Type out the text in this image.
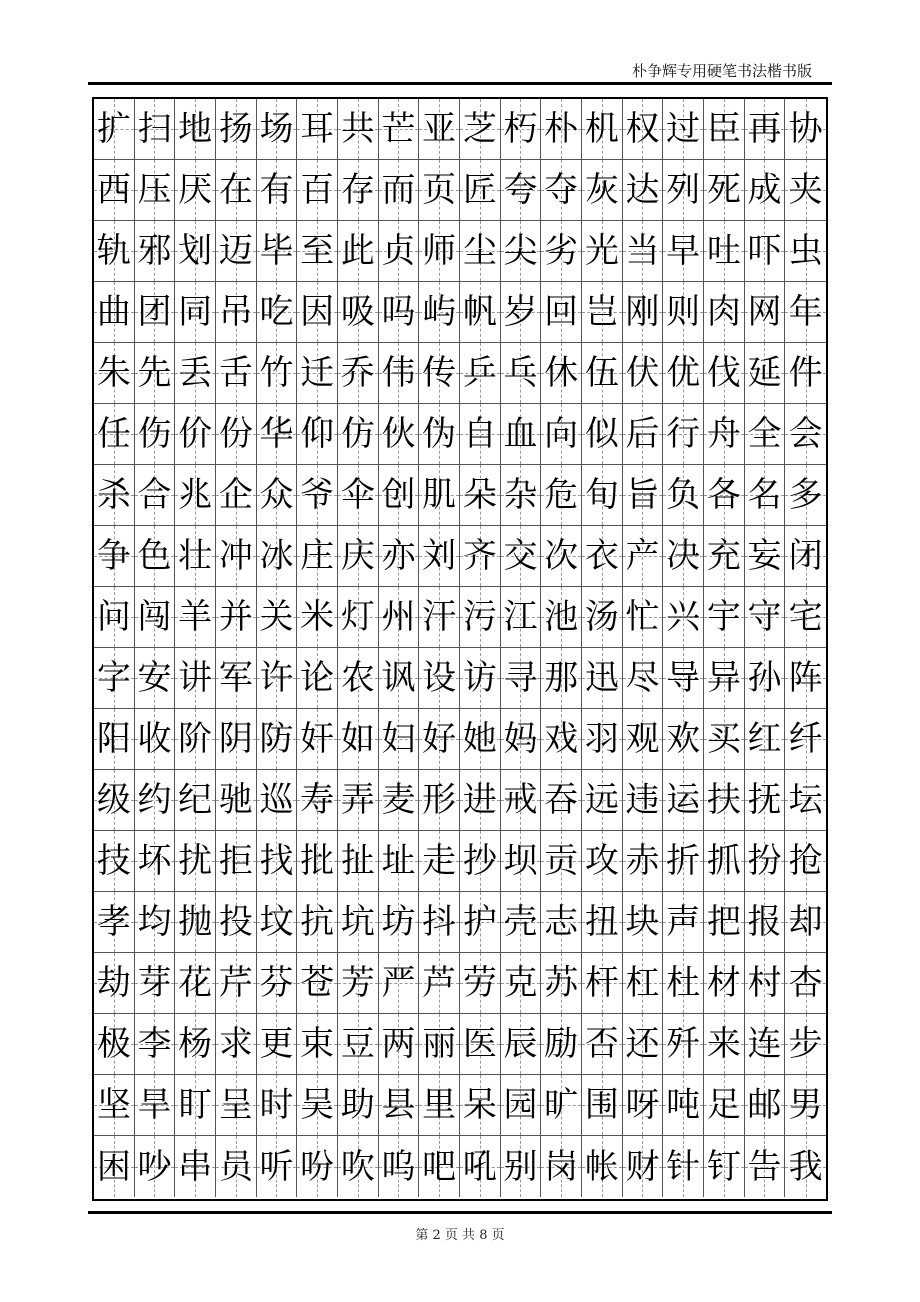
朴争辉专用硬笔书法楷书版
扩 扫 地 扬 场 耳 共 芒 亚 芝 朽 朴 机 权 过 臣 再 协
西 压 厌 在 有 百 存 而 页 匠 夸 夺 灰 达 列 死 成 夹
轨 邪 划 迈 毕 至 此 贞 师 尘 尖 劣 光 当 早 吐 吓 虫
曲 团 同 吊 吃 因 吸 吗 屿 帆 岁 回 岂 刚 则 肉 网 年
朱 先 丢 舌 竹 迁 乔 伟 传 乒 乓 休 伍 伏 优 伐 延 件
任 伤 价 份 华 仰 仿 伙 伪 自 血 向 似 后 行 舟 全 会
杀 合 兆 企 众 爷 伞 创 肌 朵 杂 危 旬 旨 负 各 名 多
争 色 壮 冲 冰 庄 庆 亦 刘 齐 交 次 衣 产 决 充 妄 闭
问 闯 羊 并 关 米 灯 州 汗 污 江 池 汤 忙 兴 宇 守 宅
字 安 讲 军 许 论 农 讽 设 访 寻 那 迅 尽 导 异 孙 阵
阳 收 阶 阴 防 奸 如 妇 好 她 妈 戏 羽 观 欢 买 红 纤
级 约 纪 驰 巡 寿 弄 麦 形 进 戒 吞 远 违 运 扶 抚 坛
技 坏 扰 拒 找 批 扯 址 走 抄 坝 贡 攻 赤 折 抓 扮 抢
孝 均 抛 投 坟 抗 坑 坊 抖 护 壳 志 扭 块 声 把 报 却
劫 芽 花 芹 芬 苍 芳 严 芦 劳 克 苏 杆 杠 杜 材 村 杏
极 李 杨 求 更 束 豆 两 丽 医 辰 励 否 还 歼 来 连 步
坚 旱 盯 呈 时 吴 助 县 里 呆 园 旷 围 呀 吨 足 邮 男
困 吵 串 员 听 吩 吹 呜 吧 吼 别 岗 帐 财 针 钉 告 我
第 2 页 共 8 页
